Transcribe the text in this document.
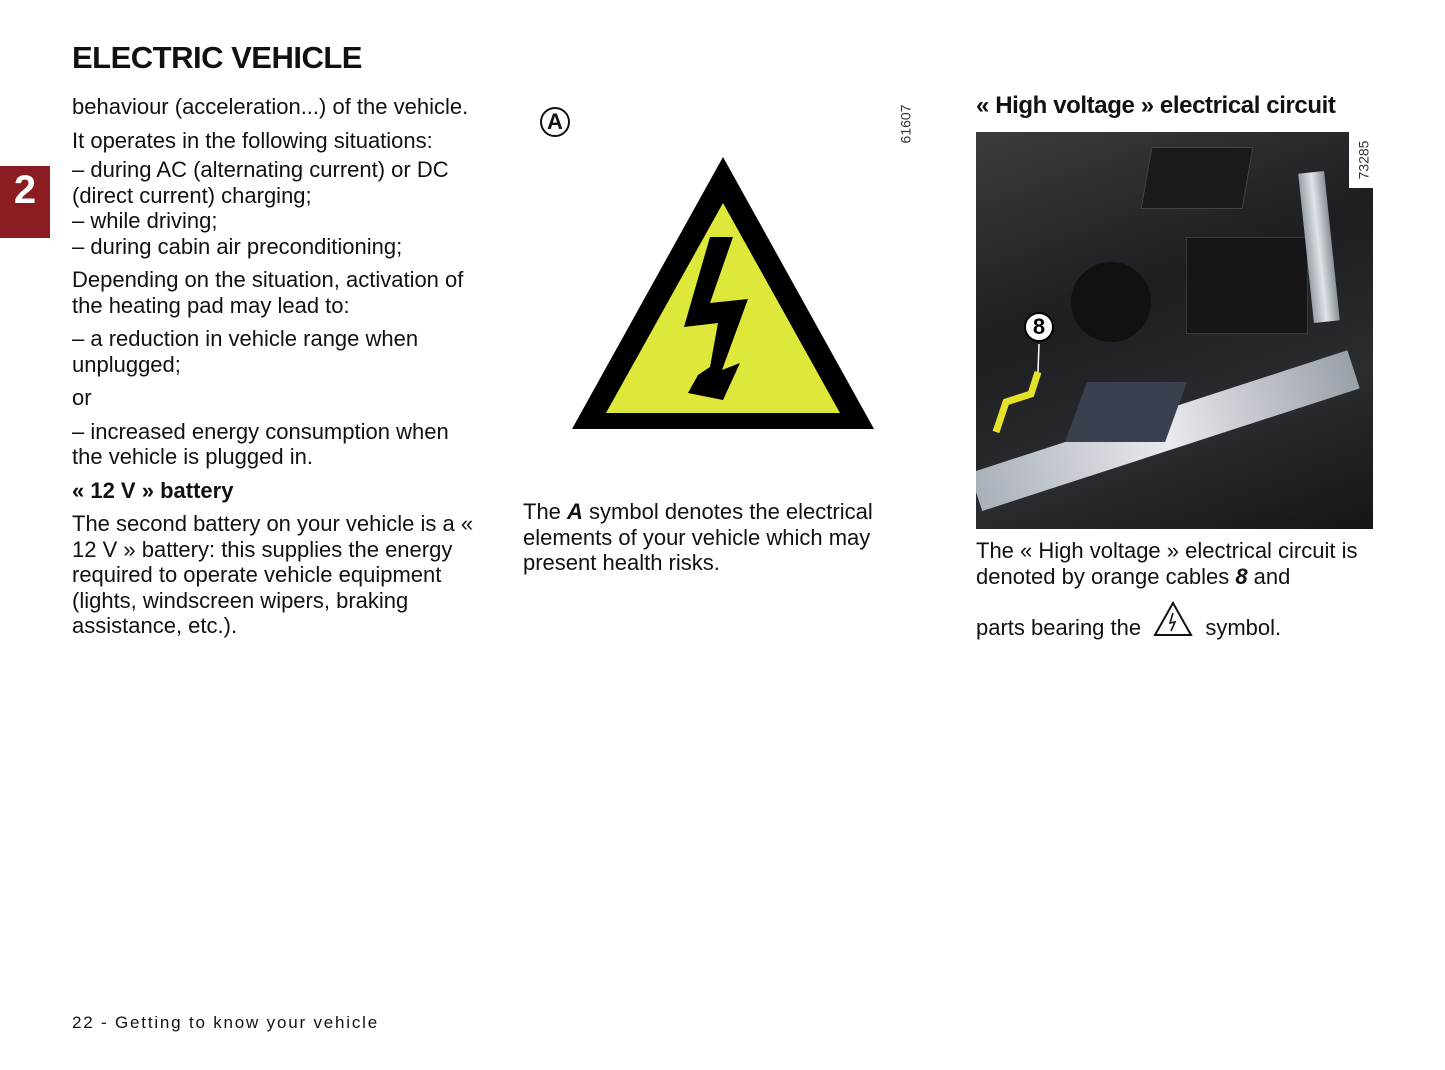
ELECTRIC VEHICLE
2

behaviour (acceleration...) of the vehicle.

It operates in the following situations:

– during AC (alternating current) or DC (direct current) charging;

– while driving;

– during cabin air preconditioning;

Depending on the situation, activation of the heating pad may lead to:

– a reduction in vehicle range when unplugged;

or

– increased energy consumption when the vehicle is plugged in.

« 12 V » battery

The second battery on your vehicle is a « 12 V » battery: this supplies the energy required to operate vehicle equipment (lights, windscreen wipers, braking assistance, etc.).

A	61607
The A symbol denotes the electrical elements of your vehicle which may present health risks.
« High voltage » electrical circuit
8
73285

The « High voltage » electrical circuit is denoted by orange cables 8 and

parts bearing the  symbol.

22 - Getting to know your vehicle
